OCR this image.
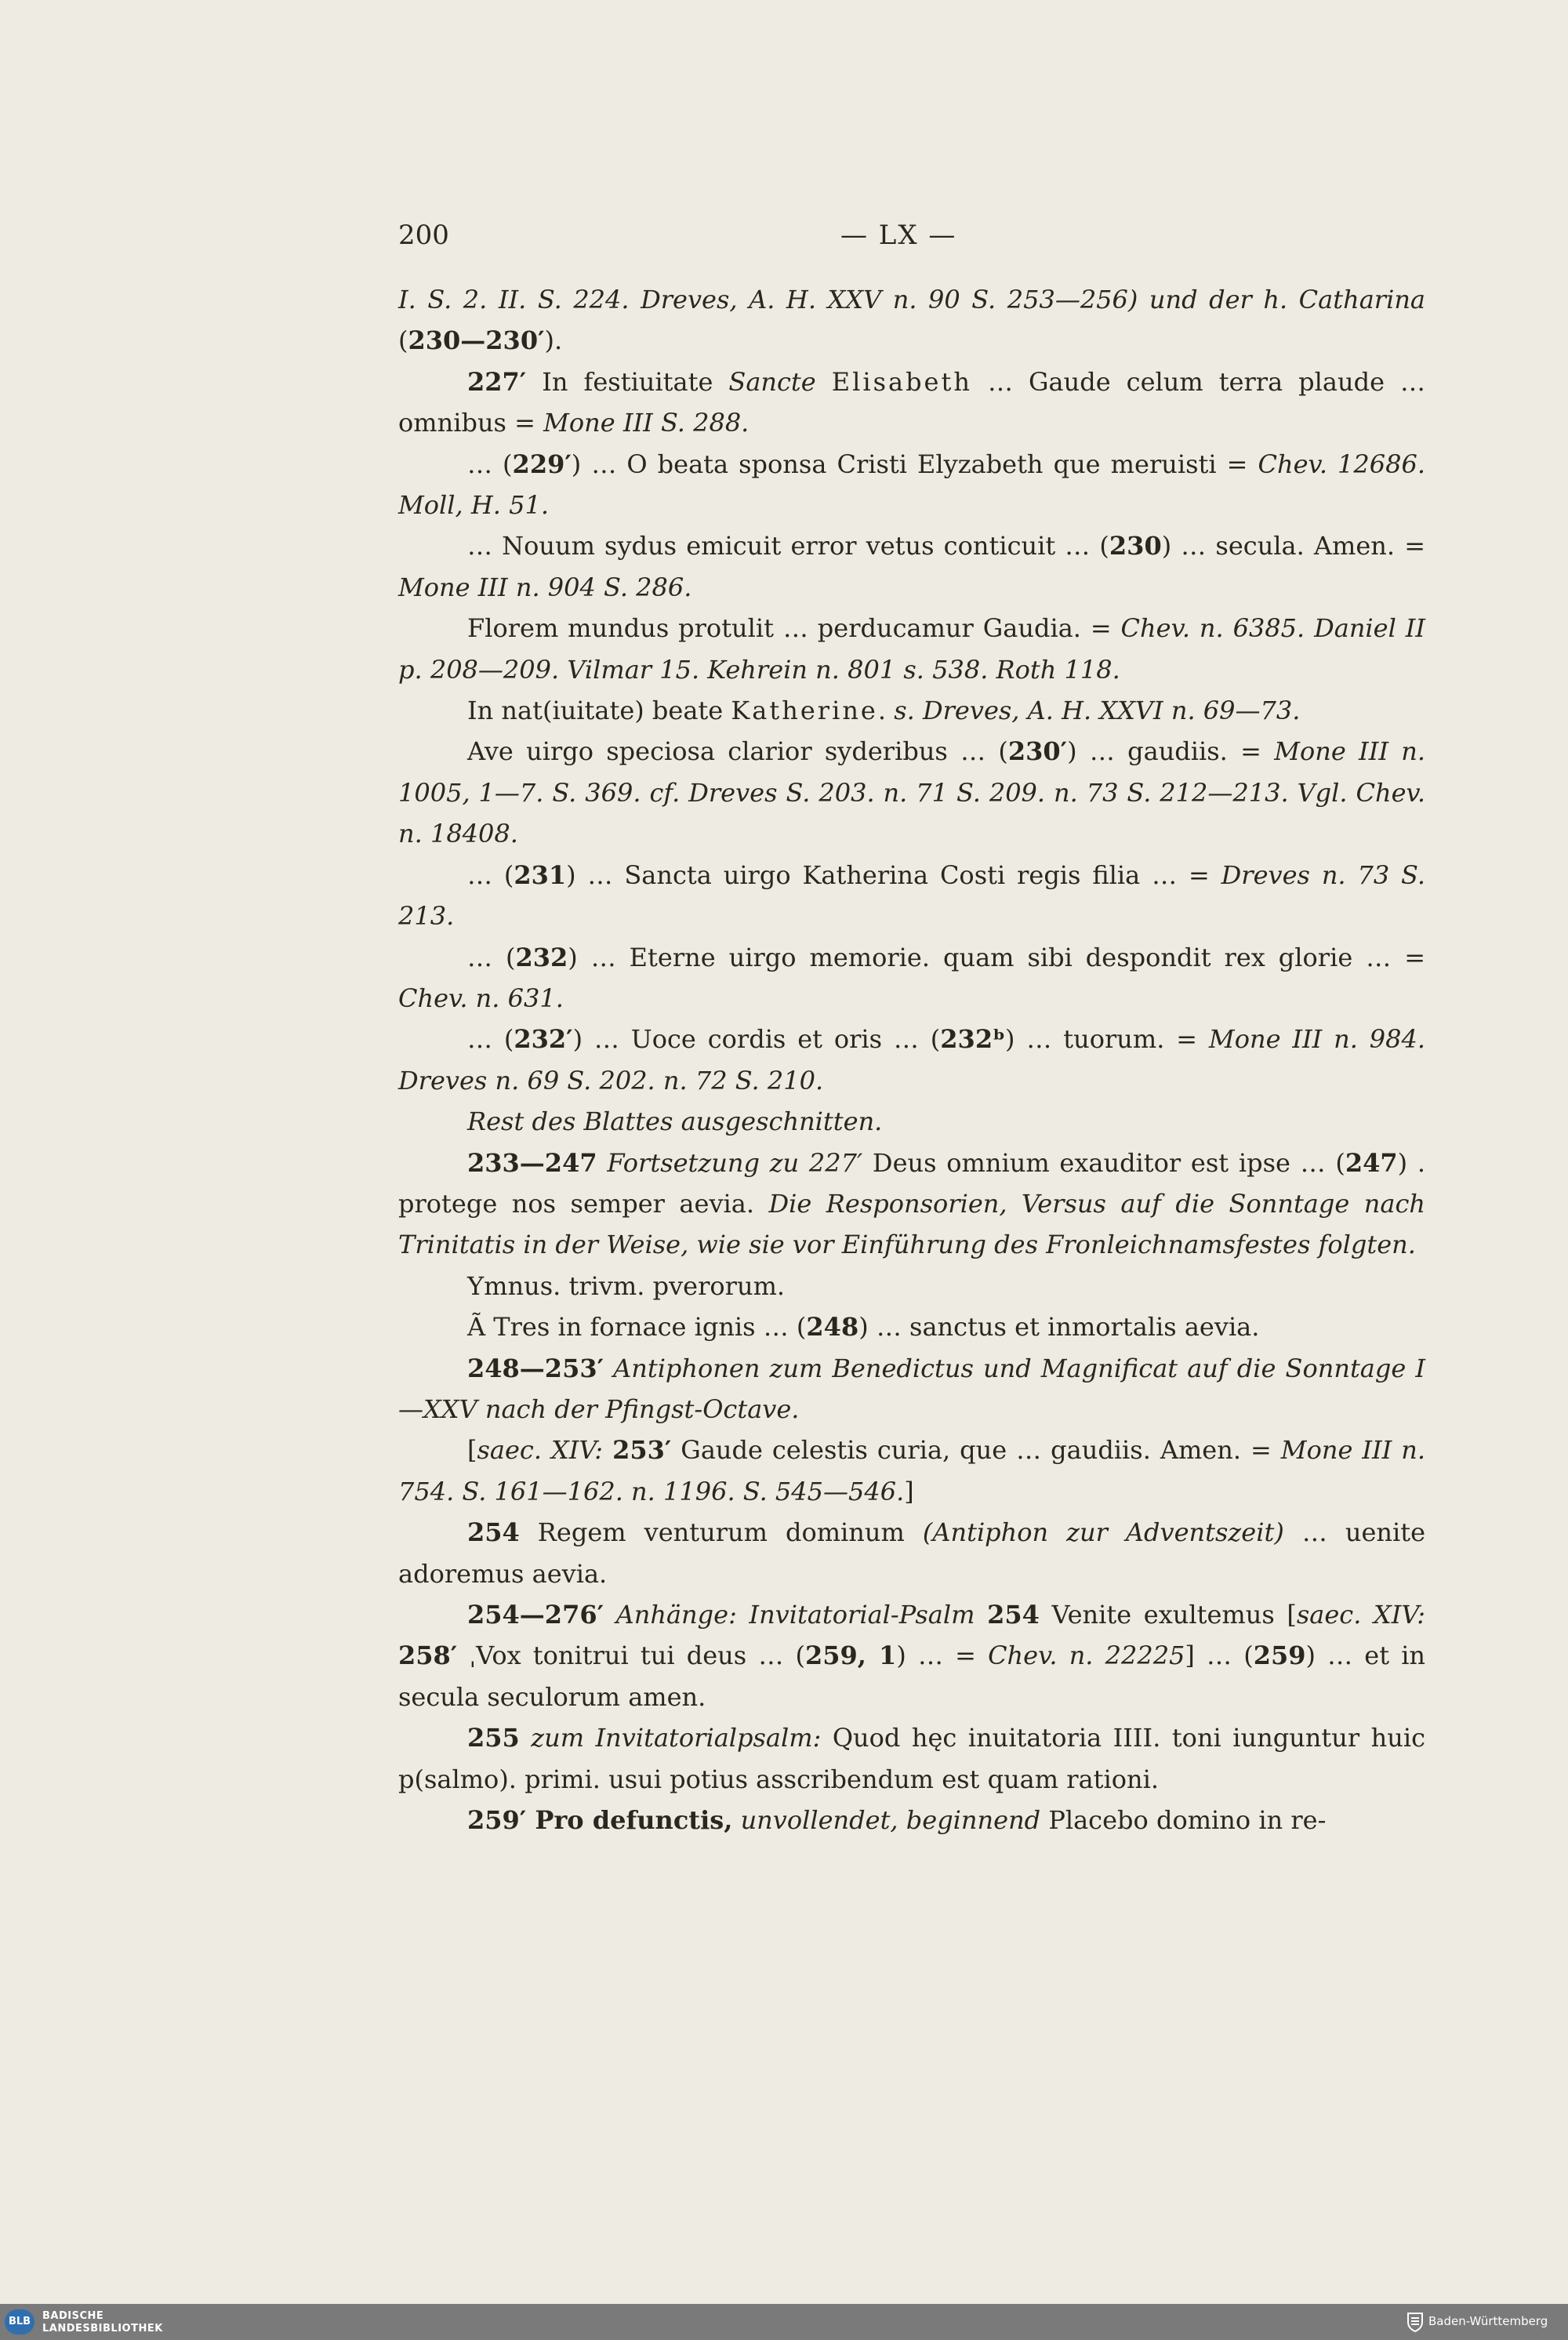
200	— LX —

I. S. 2. II. S. 224. Dreves, A. H. XXV n. 90 S. 253—256) und der h. Catharina (230—230′).

227′ In festiuitate Sancte Elisabeth … Gaude celum terra plaude … omnibus = Mone III S. 288.

… (229′) … O beata sponsa Cristi Elyzabeth que meruisti = Chev. 12686. Moll, H. 51.

… Nouum sydus emicuit error vetus conticuit … (230) … secula. Amen. = Mone III n. 904 S. 286.

Florem mundus protulit … perducamur Gaudia. = Chev. n. 6385. Daniel II p. 208—209. Vilmar 15. Kehrein n. 801 s. 538. Roth 118.

In nat(iuitate) beate Katherine. s. Dreves, A. H. XXVI n. 69—73.

Ave uirgo speciosa clarior syderibus … (230′) … gaudiis. = Mone III n. 1005, 1—7. S. 369. cf. Dreves S. 203. n. 71 S. 209. n. 73 S. 212—213. Vgl. Chev. n. 18408.

… (231) … Sancta uirgo Katherina Costi regis filia … = Dreves n. 73 S. 213.

… (232) … Eterne uirgo memorie. quam sibi despondit rex glorie … = Chev. n. 631.

… (232′) … Uoce cordis et oris … (232ᵇ) … tuorum. = Mone III n. 984. Dreves n. 69 S. 202. n. 72 S. 210.

Rest des Blattes ausgeschnitten.

233—247 Fortsetzung zu 227′ Deus omnium exauditor est ipse … (247) . protege nos semper aevia. Die Responsorien, Versus auf die Sonntage nach Trinitatis in der Weise, wie sie vor Einführung des Fronleichnamsfestes folgten.

Ymnus. trivm. pverorum.

Ã Tres in fornace ignis … (248) … sanctus et inmortalis aevia.

248—253′ Antiphonen zum Benedictus und Magnificat auf die Sonntage I—XXV nach der Pfingst-Octave.

[saec. XIV: 253′ Gaude celestis curia, que … gaudiis. Amen. = Mone III n. 754. S. 161—162. n. 1196. S. 545—546.]

254 Regem venturum dominum (Antiphon zur Adventszeit) … uenite adoremus aevia.

254—276′ Anhänge: Invitatorial-Psalm 254 Venite exultemus [saec. XIV: 258′ ˌVox tonitrui tui deus … (259, 1) … = Chev. n. 22225] … (259) … et in secula seculorum amen.

255 zum Invitatorialpsalm: Quod hęc inuitatoria IIII. toni iunguntur huic p(salmo). primi. usui potius asscribendum est quam rationi.

259′ Pro defunctis, unvollendet, beginnend Placebo domino in re-

BLB	BADISCHE
LANDESBIBLIOTHEK
Baden-Württemberg
